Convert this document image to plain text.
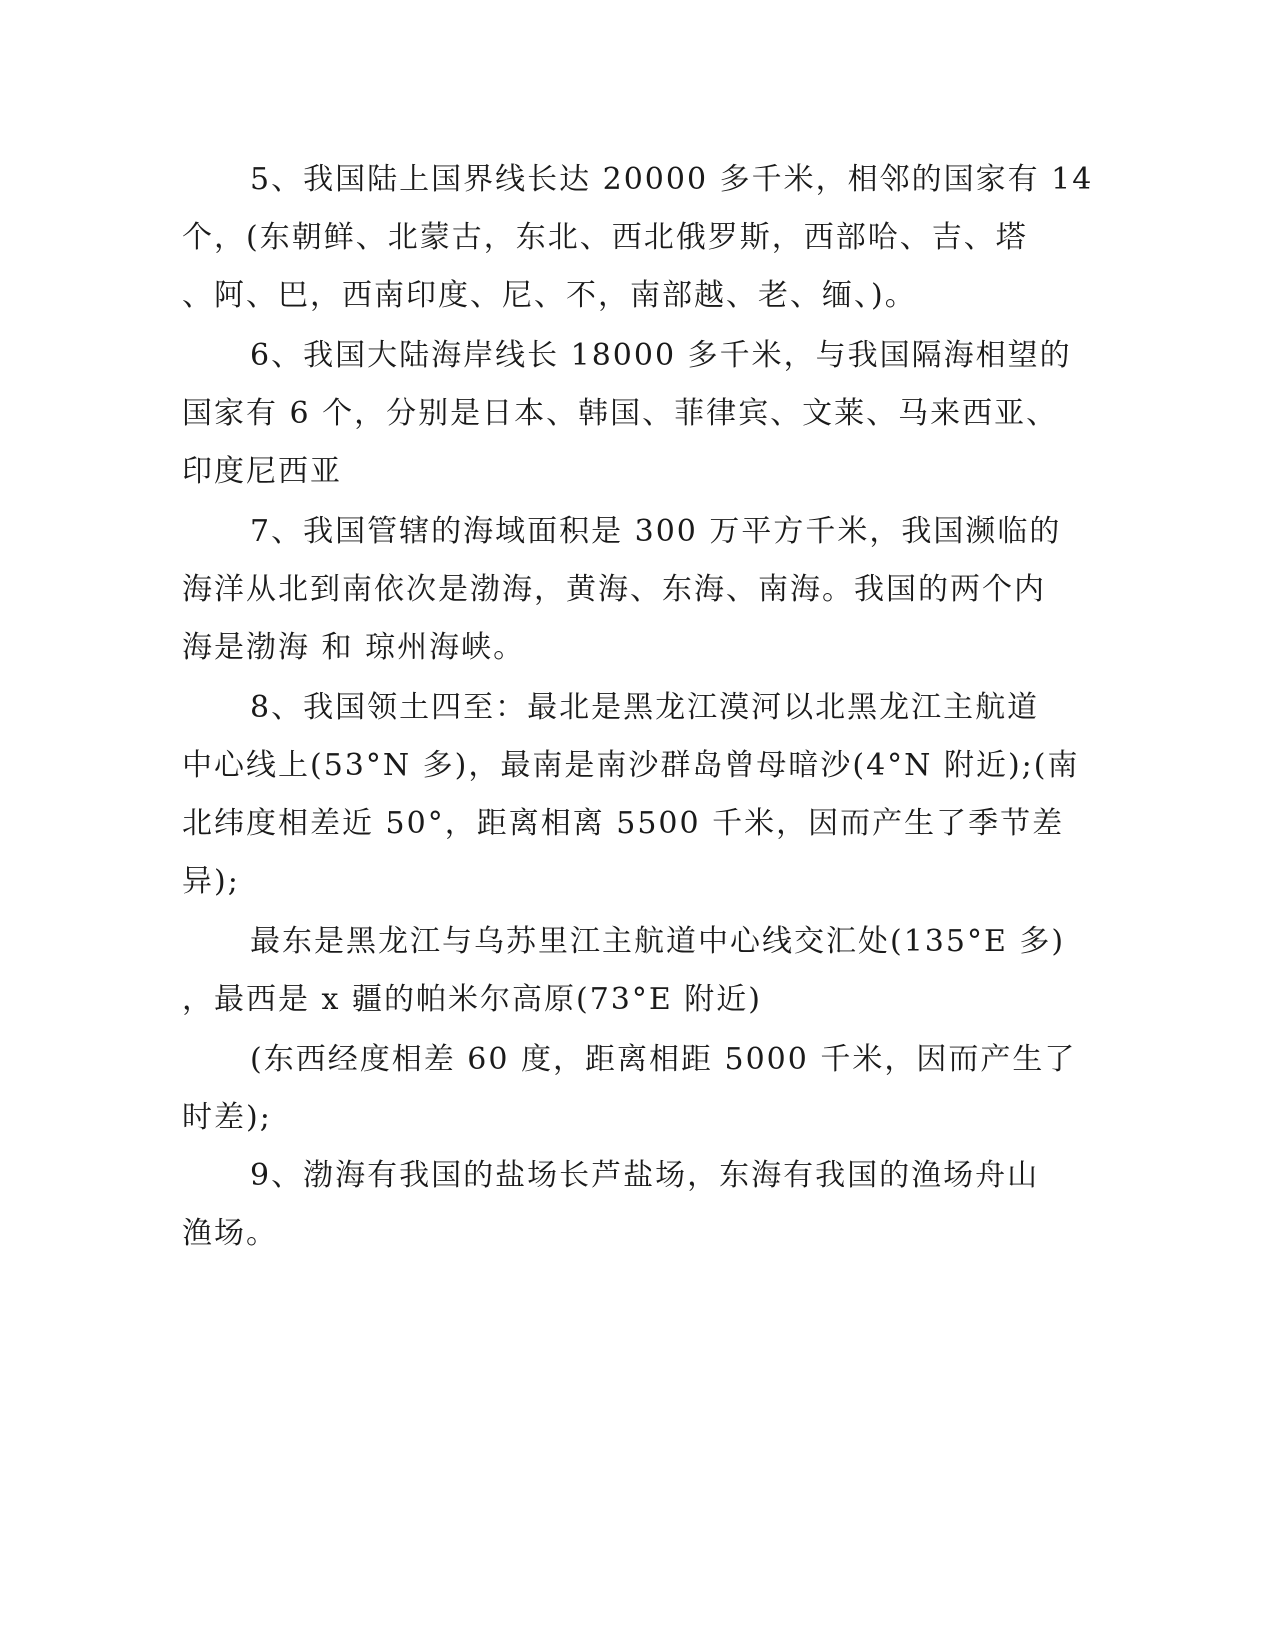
5、我国陆上国界线长达 20000 多千米，相邻的国家有 14
个，(东朝鲜、北蒙古，东北、西北俄罗斯，西部哈、吉、塔
、阿、巴，西南印度、尼、不，南部越、老、缅、)。
6、我国大陆海岸线长 18000 多千米，与我国隔海相望的
国家有 6 个，分别是日本、韩国、菲律宾、文莱、马来西亚、
印度尼西亚
7、我国管辖的海域面积是 300 万平方千米，我国濒临的
海洋从北到南依次是渤海，黄海、东海、南海。我国的两个内
海是渤海 和 琼州海峡。
8、我国领土四至：最北是黑龙江漠河以北黑龙江主航道
中心线上(53°N 多)，最南是南沙群岛曾母暗沙(4°N 附近);(南
北纬度相差近 50°，距离相离 5500 千米，因而产生了季节差
异);
最东是黑龙江与乌苏里江主航道中心线交汇处(135°E 多)
，最西是 x 疆的帕米尔高原(73°E 附近)
(东西经度相差 60 度，距离相距 5000 千米，因而产生了
时差);
9、渤海有我国的盐场长芦盐场，东海有我国的渔场舟山
渔场。
